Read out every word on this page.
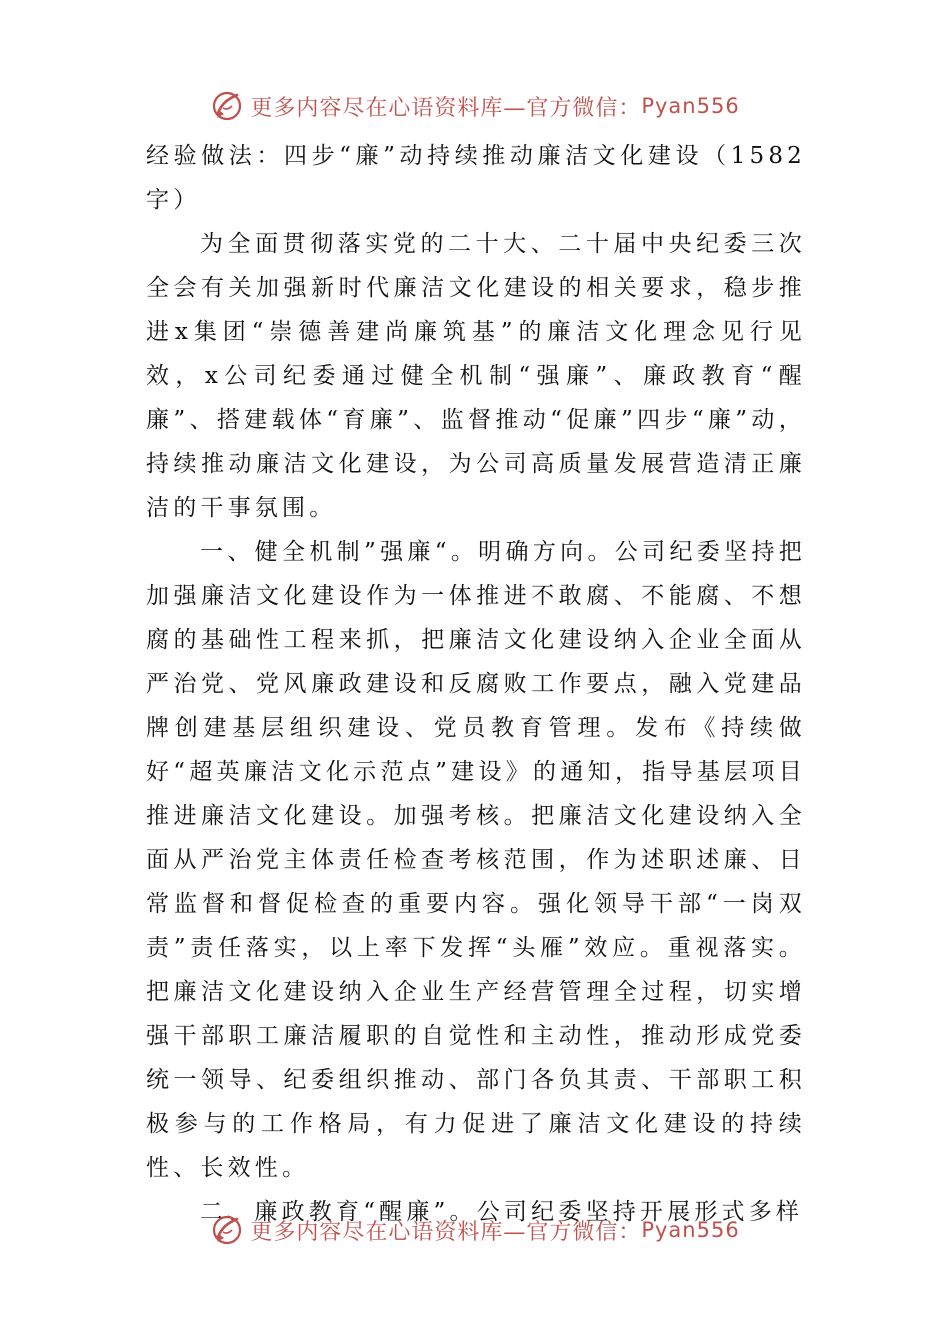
更多内容尽在心语资料库—官方微信： Pyan556

经验做法：四步“廉”动持续推动廉洁文化建设（1582字）

为全面贯彻落实党的二十大、二十届中央纪委三次全会有关加强新时代廉洁文化建设的相关要求，稳步推进x集团“崇德善建尚廉筑基”的廉洁文化理念见行见效，x公司纪委通过健全机制“强廉”、廉政教育“醒廉”、搭建载体“育廉”、监督推动“促廉”四步“廉”动，持续推动廉洁文化建设，为公司高质量发展营造清正廉洁的干事氛围。

一、健全机制”强廉“。明确方向。公司纪委坚持把加强廉洁文化建设作为一体推进不敢腐、不能腐、不想腐的基础性工程来抓，把廉洁文化建设纳入企业全面从严治党、党风廉政建设和反腐败工作要点，融入党建品牌创建基层组织建设、党员教育管理。发布《持续做好“超英廉洁文化示范点”建设》的通知，指导基层项目推进廉洁文化建设。加强考核。把廉洁文化建设纳入全面从严治党主体责任检查考核范围，作为述职述廉、日常监督和督促检查的重要内容。强化领导干部“一岗双责”责任落实，以上率下发挥“头雁”效应。重视落实。把廉洁文化建设纳入企业生产经营管理全过程，切实增强干部职工廉洁履职的自觉性和主动性，推动形成党委统一领导、纪委组织推动、部门各负其责、干部职工积极参与的工作格局，有力促进了廉洁文化建设的持续性、长效性。

二、廉政教育“醒廉”。公司纪委坚持开展形式多样

更多内容尽在心语资料库—官方微信： Pyan556
